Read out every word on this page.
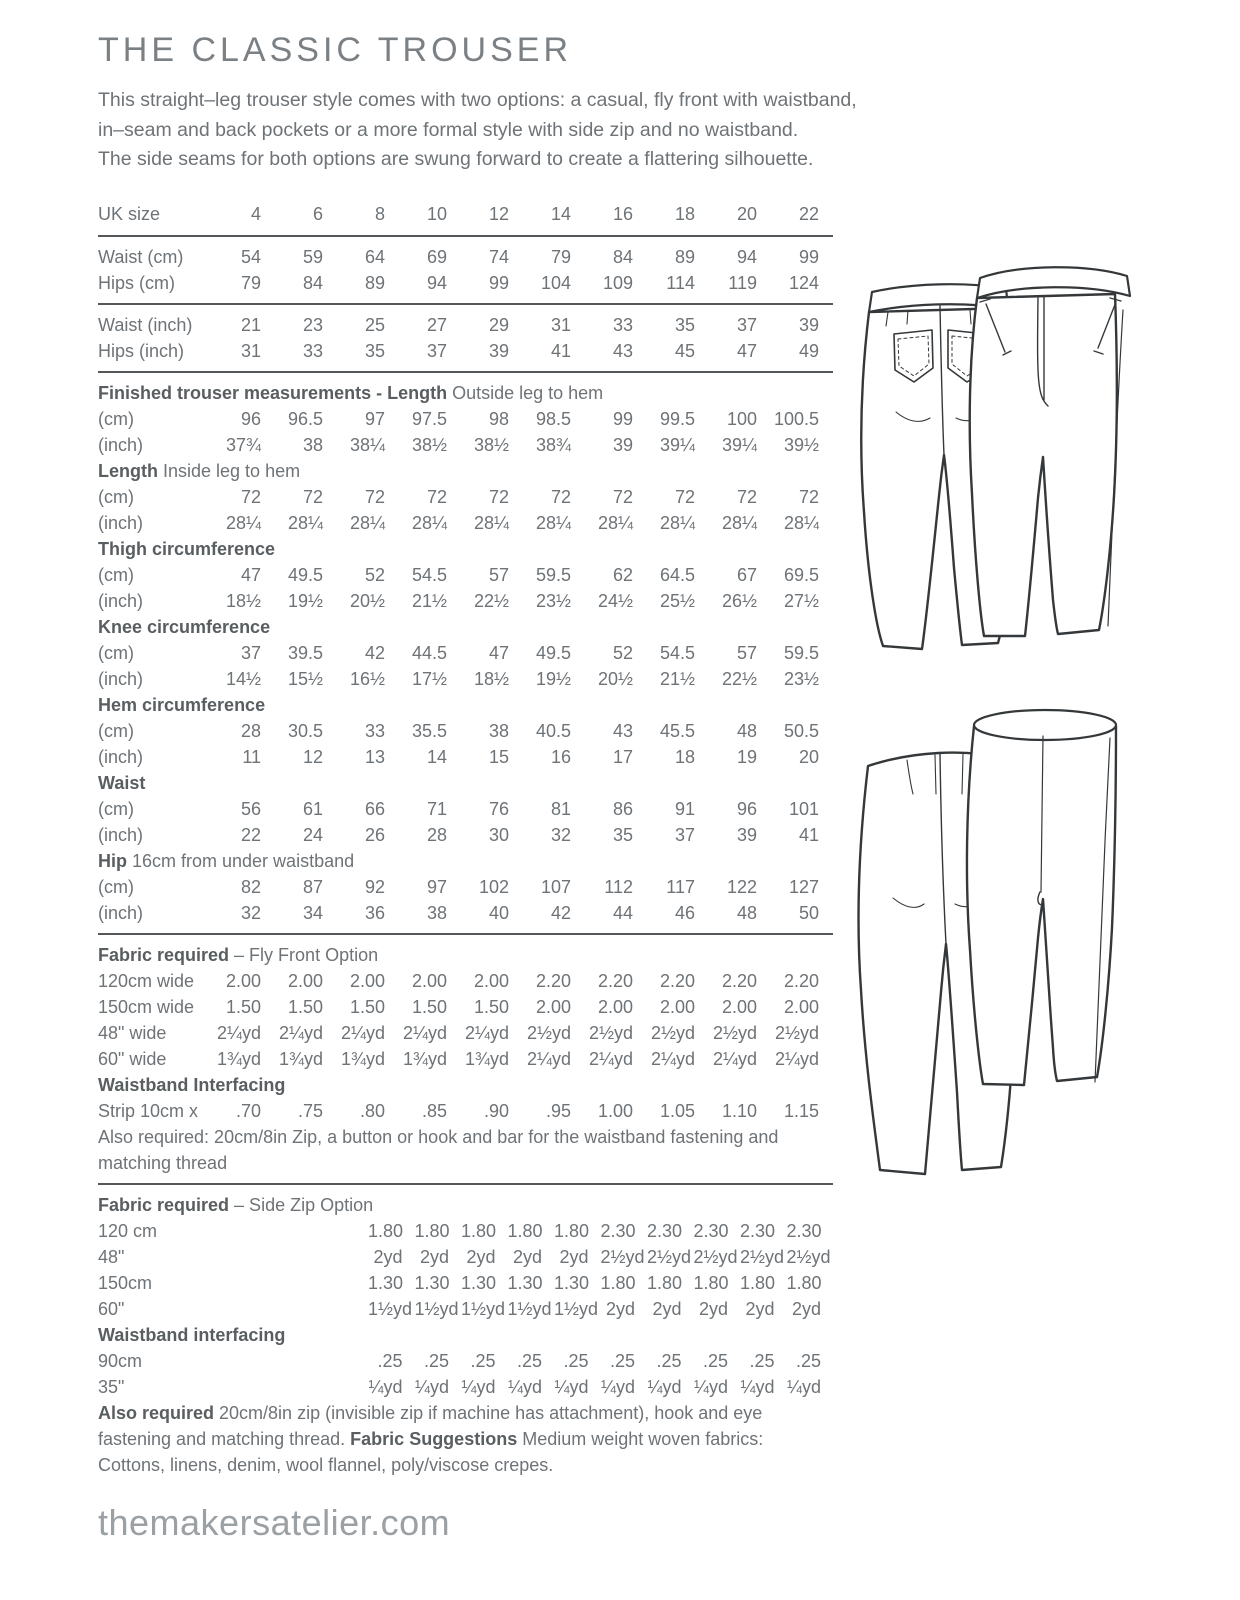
THE CLASSIC TROUSER
This straight–leg trouser style comes with two options: a casual, fly front with waistband,
in–seam and back pockets or a more formal style with side zip and no waistband.
The side seams for both options are swung forward to create a flattering silhouette.
UK size	4	6	8	10	12	14	16	18	20	22
Waist (cm)	54	59	64	69	74	79	84	89	94	99
Hips (cm)	79	84	89	94	99	104	109	114	119	124
Waist (inch)	21	23	25	27	29	31	33	35	37	39
Hips (inch)	31	33	35	37	39	41	43	45	47	49
Finished trouser measurements - Length Outside leg to hem
(cm)	96	96.5	97	97.5	98	98.5	99	99.5	100	100.5
(inch)	37¾	38	38¼	38½	38½	38¾	39	39¼	39¼	39½
Length Inside leg to hem
(cm)	72	72	72	72	72	72	72	72	72	72
(inch)	28¼	28¼	28¼	28¼	28¼	28¼	28¼	28¼	28¼	28¼
Thigh circumference
(cm)	47	49.5	52	54.5	57	59.5	62	64.5	67	69.5
(inch)	18½	19½	20½	21½	22½	23½	24½	25½	26½	27½
Knee circumference
(cm)	37	39.5	42	44.5	47	49.5	52	54.5	57	59.5
(inch)	14½	15½	16½	17½	18½	19½	20½	21½	22½	23½
Hem circumference
(cm)	28	30.5	33	35.5	38	40.5	43	45.5	48	50.5
(inch)	11	12	13	14	15	16	17	18	19	20
Waist
(cm)	56	61	66	71	76	81	86	91	96	101
(inch)	22	24	26	28	30	32	35	37	39	41
Hip 16cm from under waistband
(cm)	82	87	92	97	102	107	112	117	122	127
(inch)	32	34	36	38	40	42	44	46	48	50
Fabric required – Fly Front Option
120cm wide	2.00	2.00	2.00	2.00	2.00	2.20	2.20	2.20	2.20	2.20
150cm wide	1.50	1.50	1.50	1.50	1.50	2.00	2.00	2.00	2.00	2.00
48" wide	2¼yd	2¼yd	2¼yd	2¼yd	2¼yd	2½yd	2½yd	2½yd	2½yd	2½yd
60" wide	1¾yd	1¾yd	1¾yd	1¾yd	1¾yd	2¼yd	2¼yd	2¼yd	2¼yd	2¼yd
Waistband Interfacing
Strip 10cm x	.70	.75	.80	.85	.90	.95	1.00	1.05	1.10	1.15
Also required: 20cm/8in Zip, a button or hook and bar for the waistband fastening and matching thread
Fabric required – Side Zip Option
120 cm	1.80	1.80	1.80	1.80	1.80	2.30	2.30	2.30	2.30	2.30
48"	2yd	2yd	2yd	2yd	2yd	2½yd	2½yd	2½yd	2½yd	2½yd
150cm	1.30	1.30	1.30	1.30	1.30	1.80	1.80	1.80	1.80	1.80
60"	1½yd	1½yd	1½yd	1½yd	1½yd	2yd	2yd	2yd	2yd	2yd
Waistband interfacing
90cm	.25	.25	.25	.25	.25	.25	.25	.25	.25	.25
35"	¼yd	¼yd	¼yd	¼yd	¼yd	¼yd	¼yd	¼yd	¼yd	¼yd
Also required 20cm/8in zip (invisible zip if machine has attachment), hook and eye fastening and matching thread. Fabric Suggestions Medium weight woven fabrics: Cottons, linens, denim, wool flannel, poly/viscose crepes.
themakersatelier.com
